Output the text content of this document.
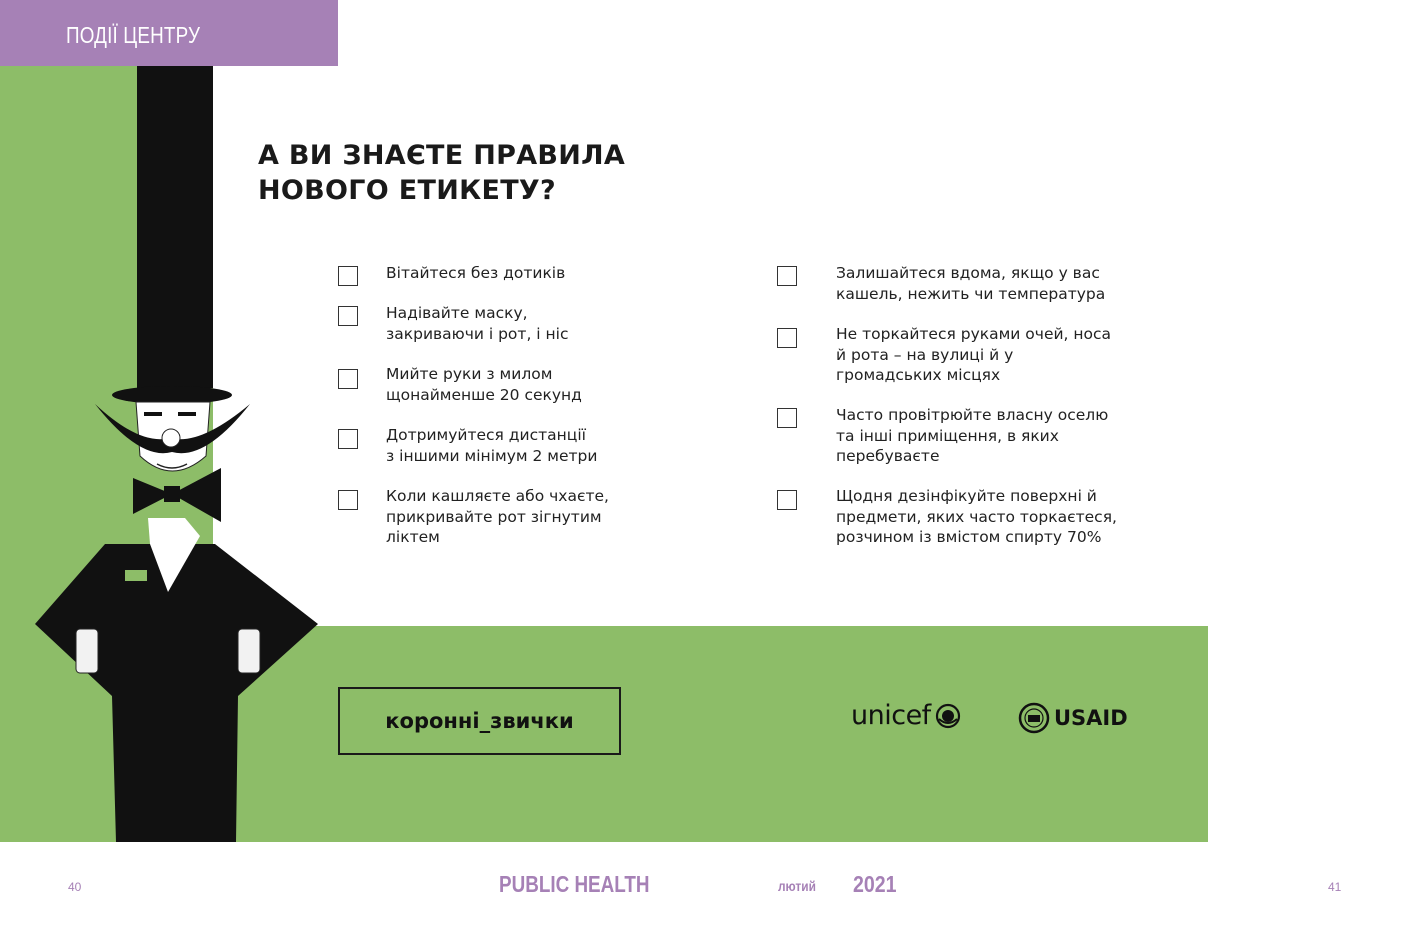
ПОДІЇ ЦЕНТРУ
А ВИ ЗНАЄТЕ ПРАВИЛА
НОВОГО ЕТИКЕТУ?
Вітайтеся без дотиків
Надівайте маску,
закриваючи і рот, і ніс
Мийте руки з милом
щонайменше 20 секунд
Дотримуйтеся дистанції
з іншими мінімум 2 метри
Коли кашляєте або чхаєте,
прикривайте рот зігнутим
ліктем
Залишайтеся вдома, якщо у вас
кашель, нежить чи температура
Не торкайтеся руками очей, носа
й рота – на вулиці й у
громадських місцях
Часто провітрюйте власну оселю
та інші приміщення, в яких
перебуваєте
Щодня дезінфікуйте поверхні й
предмети, яких часто торкаєтеся,
розчином із вмістом спирту 70%
коронні_звички	unicef	USAID
40	PUBLIC HEALTH	лютий 2021	41
